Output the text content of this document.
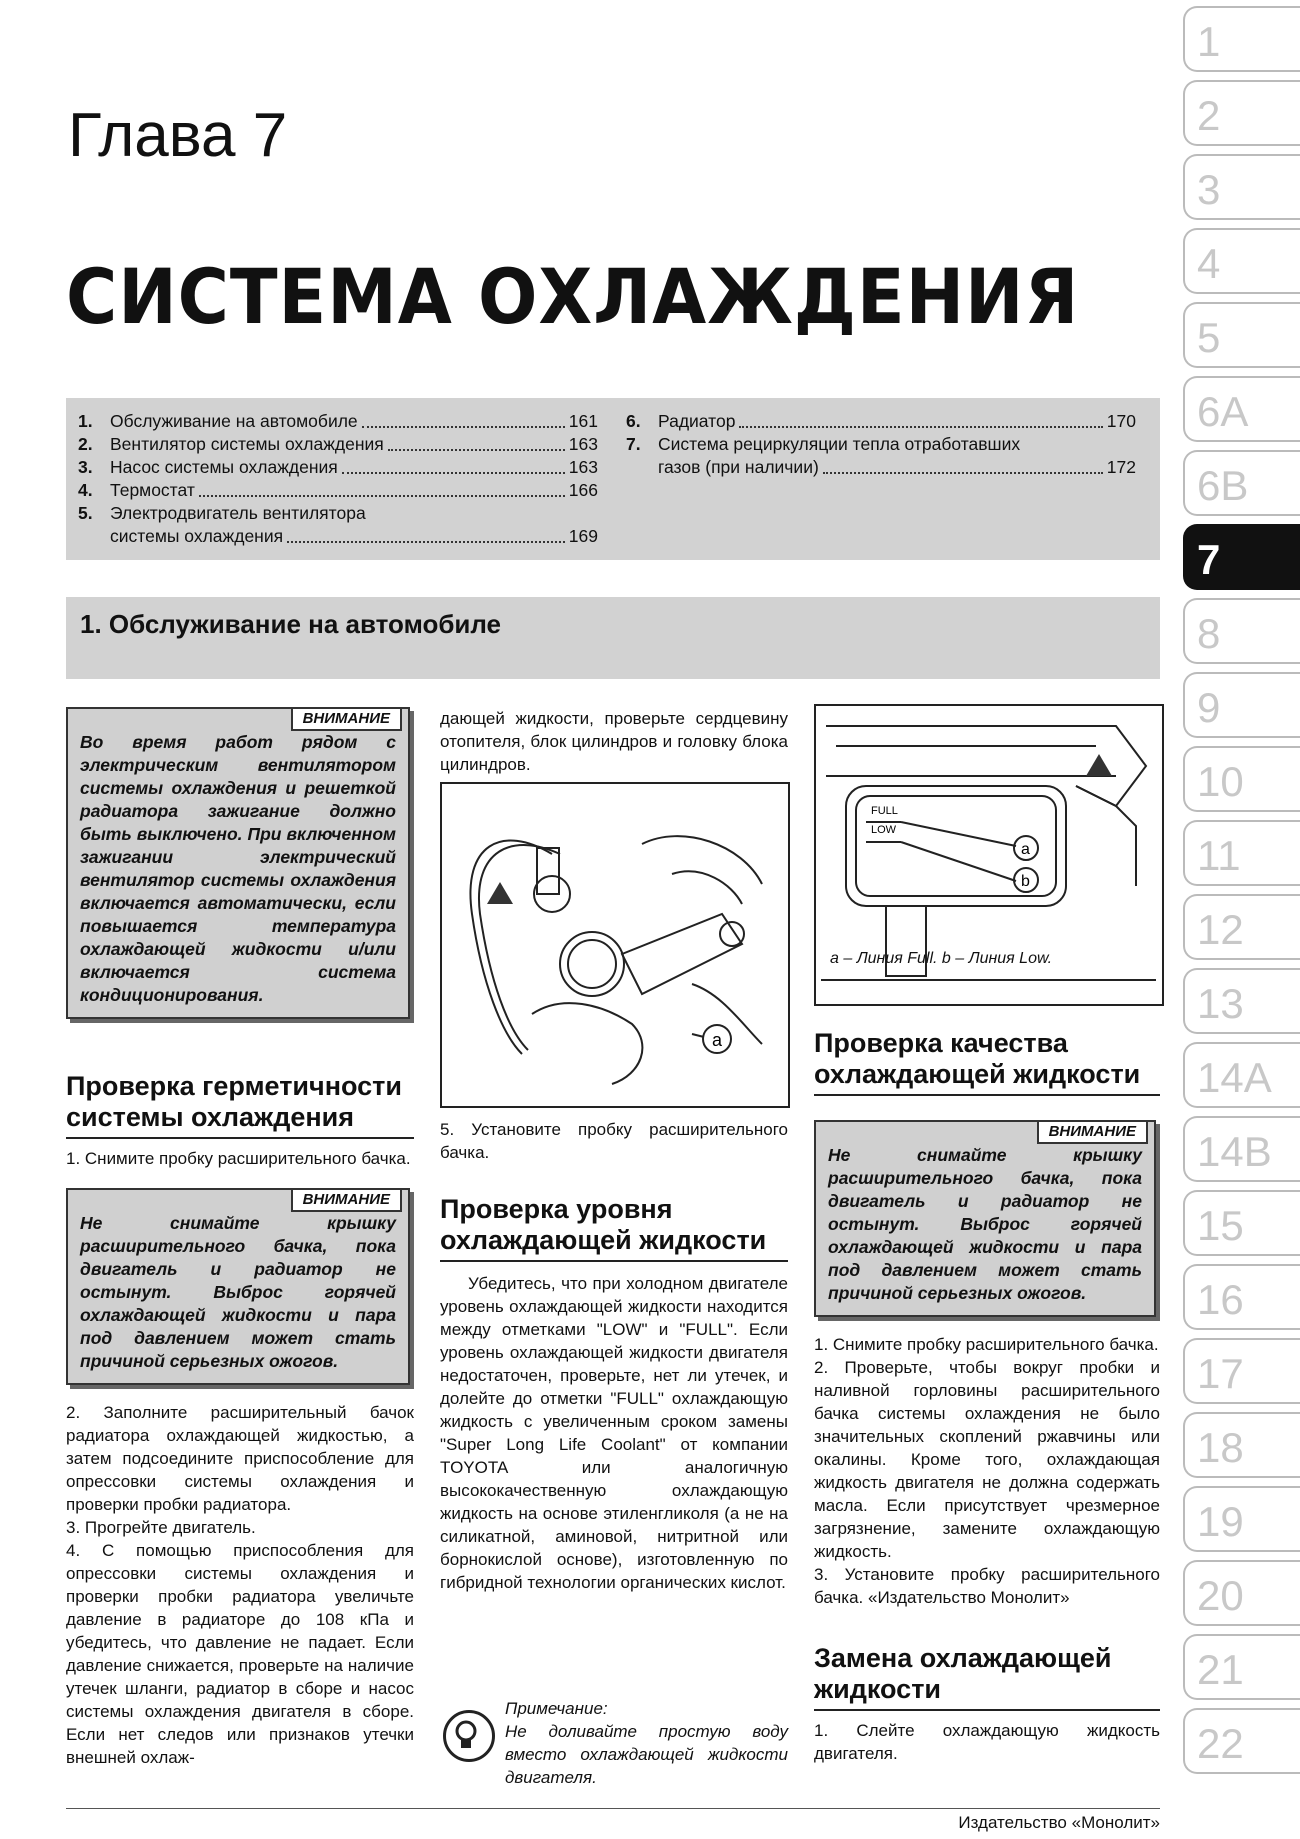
Глава 7
СИСТЕМА ОХЛАЖДЕНИЯ
1. Обслуживание на автомобиле	161
2. Вентилятор системы охлаждения	163
3. Насос системы охлаждения	163
4. Термостат	166
5. Электродвигатель вентилятора
системы охлаждения	169
6. Радиатор	170
7. Система рециркуляции тепла отработавших
газов (при наличии)	172
1. Обслуживание на автомобиле
ВНИМАНИЕ

Во время работ рядом с электрическим вентилятором системы охлаждения и решеткой радиатора зажигание должно быть выключено. При включенном зажигании электрический вентилятор системы охлаждения включается автоматически, если повышается температура охлаждающей жидкости и/или включается система кондиционирования.

Проверка герметичности системы охлаждения

1. Снимите пробку расширительного бачка.

ВНИМАНИЕ

Не снимайте крышку расширительного бачка, пока двигатель и радиатор не остынут. Выброс горячей охлаждающей жидкости и пара под давлением может стать причиной серьезных ожогов.

2. Заполните расширительный бачок радиатора охлаждающей жидкостью, а затем подсоедините приспособление для опрессовки системы охлаждения и проверки пробки радиатора.

3. Прогрейте двигатель.

4. С помощью приспособления для опрессовки системы охлаждения и проверки пробки радиатора увеличьте давление в радиаторе до 108 кПа и убедитесь, что давление не падает. Если давление снижается, проверьте на наличие утечек шланги, радиатор в сборе и насос системы охлаждения двигателя в сборе. Если нет следов или признаков утечки внешней охлаж-

дающей жидкости, проверьте сердцевину отопителя, блок цилиндров и головку блока цилиндров.

a

5. Установите пробку расширительного бачка.

Проверка уровня охлаждающей жидкости

Убедитесь, что при холодном двигателе уровень охлаждающей жидкости находится между отметками "LOW" и "FULL". Если уровень охлаждающей жидкости двигателя недостаточен, проверьте, нет ли утечек, и долейте до отметки "FULL" охлаждающую жидкость с увеличенным сроком замены "Super Long Life Coolant" от компании TOYOTA или аналогичную высококачественную охлаждающую жидкость на основе этиленгликоля (а не на силикатной, аминовой, нитритной или борнокислой основе), изготовленную по гибридной технологии органических кислот.

Примечание:

Не доливайте простую воду вместо охлаждающей жидкости двигателя.

FULL
LOW
a
b
a – Линия Full. b – Линия Low.
Проверка качества охлаждающей жидкости
ВНИМАНИЕ

Не снимайте крышку расширительного бачка, пока двигатель и радиатор не остынут. Выброс горячей охлаждающей жидкости и пара под давлением может стать причиной серьезных ожогов.

1. Снимите пробку расширительного бачка.

2. Проверьте, чтобы вокруг пробки и наливной горловины расширительного бачка системы охлаждения не было значительных скоплений ржавчины или окалины. Кроме того, охлаждающая жидкость двигателя не должна содержать масла. Если присутствует чрезмерное загрязнение, замените охлаждающую жидкость.

3. Установите пробку расширительного бачка. «Издательство Монолит»

Замена охлаждающей жидкости

1. Слейте охлаждающую жидкость двигателя.

1
2
3
4
5
6A
6B
7
8
9
10
11
12
13
14A
14B
15
16
17
18
19
20
21
22
Издательство «Монолит»
